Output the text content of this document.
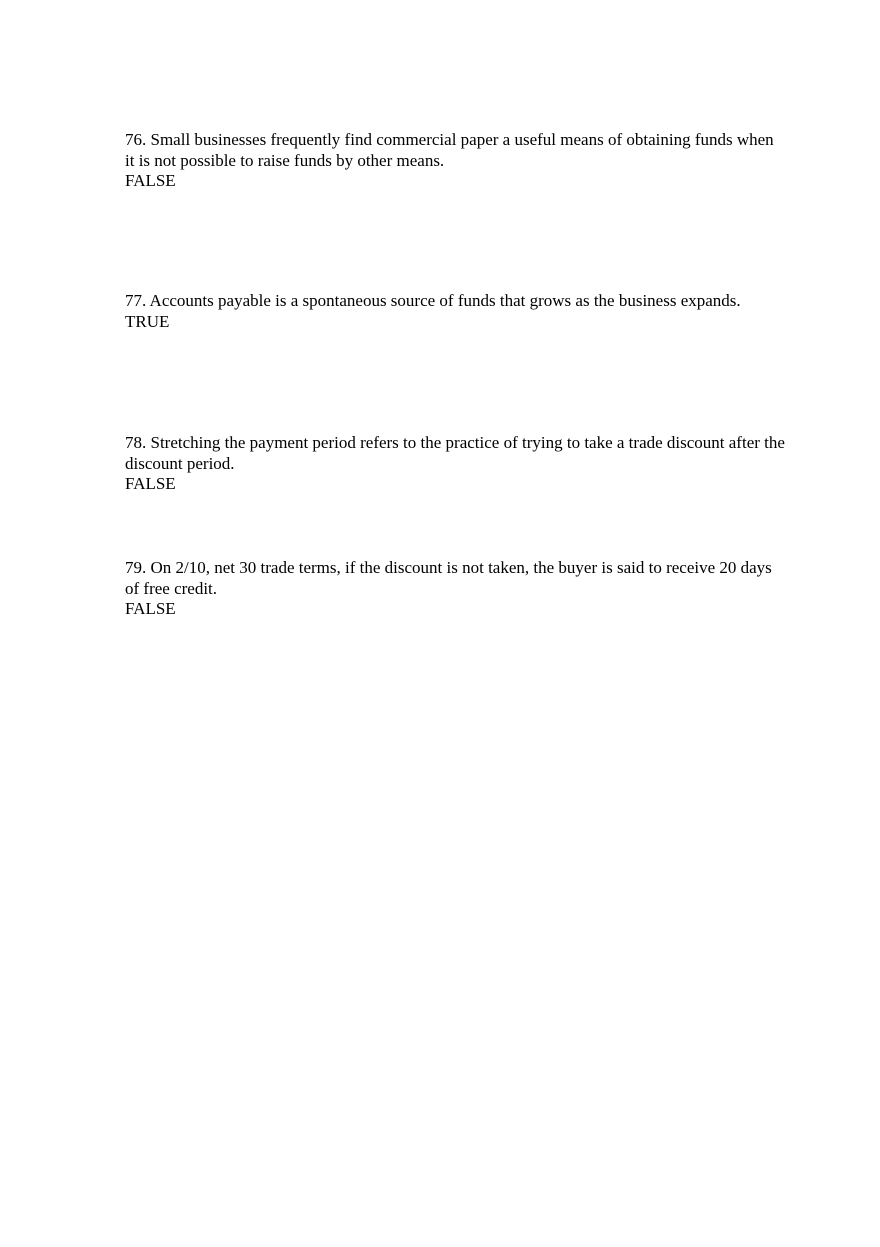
76. Small businesses frequently find commercial paper a useful means of obtaining funds when it is not possible to raise funds by other means.

FALSE

77. Accounts payable is a spontaneous source of funds that grows as the business expands.

TRUE

78. Stretching the payment period refers to the practice of trying to take a trade discount after the discount period.

FALSE

79. On 2/10, net 30 trade terms, if the discount is not taken, the buyer is said to receive 20 days of free credit.

FALSE
